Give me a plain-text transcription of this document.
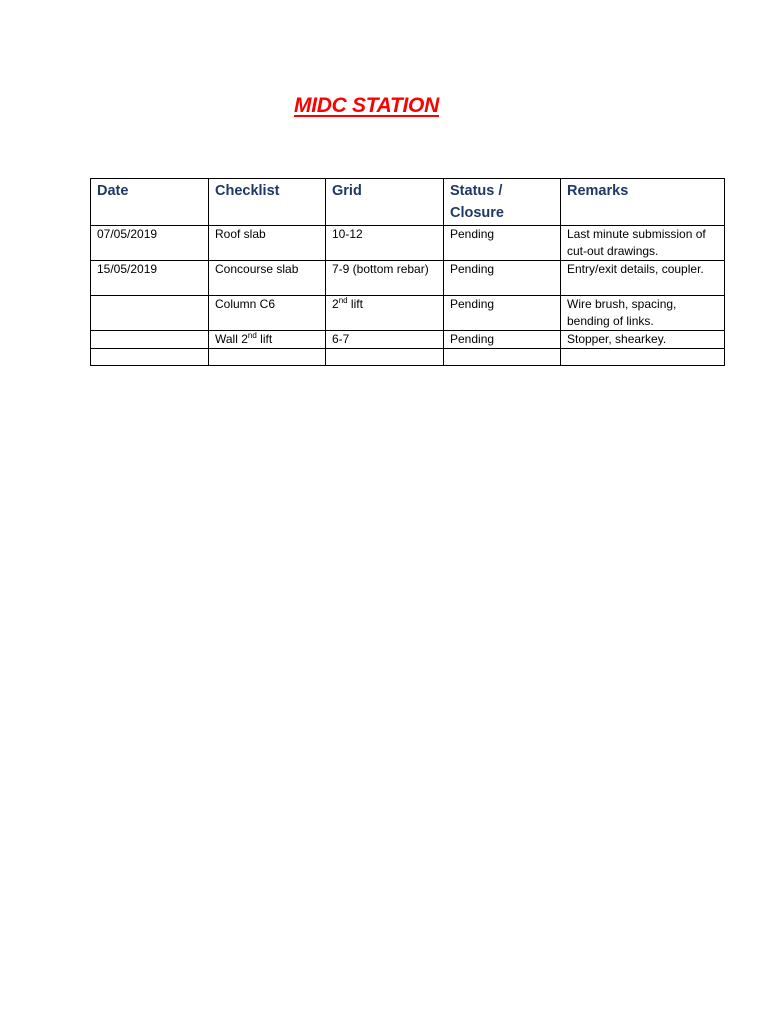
MIDC STATION
Date	Checklist	Grid	Status / Closure	Remarks
07/05/2019	Roof slab	10-12	Pending	Last minute submission of cut-out drawings.
15/05/2019	Concourse slab	7-9 (bottom rebar)	Pending	Entry/exit details, coupler.
	Column C6	2nd lift	Pending	Wire brush, spacing, bending of links.
	Wall 2nd lift	6-7	Pending	Stopper, shearkey.
